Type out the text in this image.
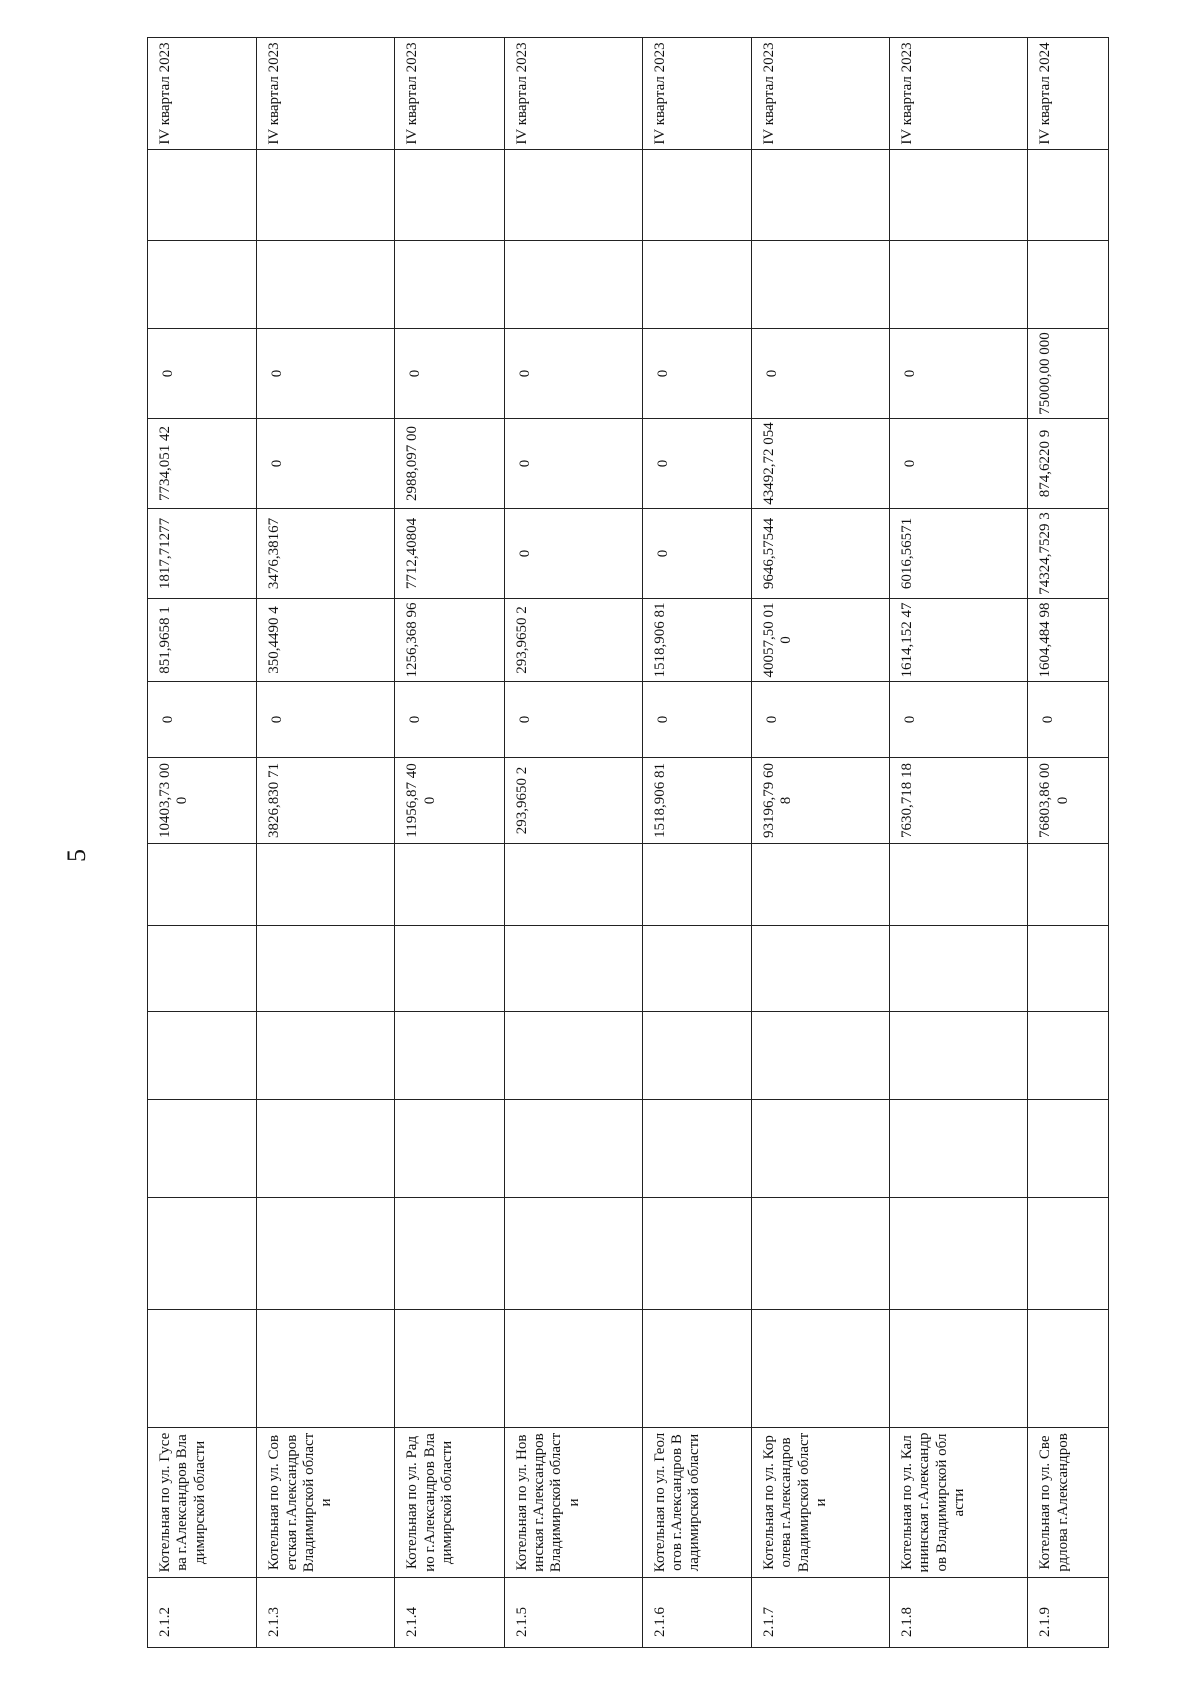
5
2.1.2	Котельная по ул. Гусева г.Александров Владимирской области							10403,73 000	0	851,9658 1	1817,71277	7734,051 42	0			IV квартал 2023
2.1.3	Котельная по ул. Советская г.Александров Владимирской области							3826,830 71	0	350,4490 4	3476,38167	0	0			IV квартал 2023
2.1.4	Котельная по ул. Радио г.Александров Владимирской области							11956,87 400	0	1256,368 96	7712,40804	2988,097 00	0			IV квартал 2023
2.1.5	Котельная по ул. Новинская г.Александров Владимирской области							293,9650 2	0	293,9650 2	0	0	0			IV квартал 2023
2.1.6	Котельная по ул. Геологов г.Александров Владимирской области							1518,906 81	0	1518,906 81	0	0	0			IV квартал 2023
2.1.7	Котельная по ул. Королева г.Александров Владимирской области							93196,79 608	0	40057,50 010	9646,57544	43492,72 054	0			IV квартал 2023
2.1.8	Котельная по ул. Калининская г.Александров Владимирской области							7630,718 18	0	1614,152 47	6016,56571	0	0			IV квартал 2023
2.1.9	Котельная по ул. Свердлова г.Александров							76803,86 000	0	1604,484 98	74324,7529 3	874,6220 9	75000,00 000			IV квартал 2024
